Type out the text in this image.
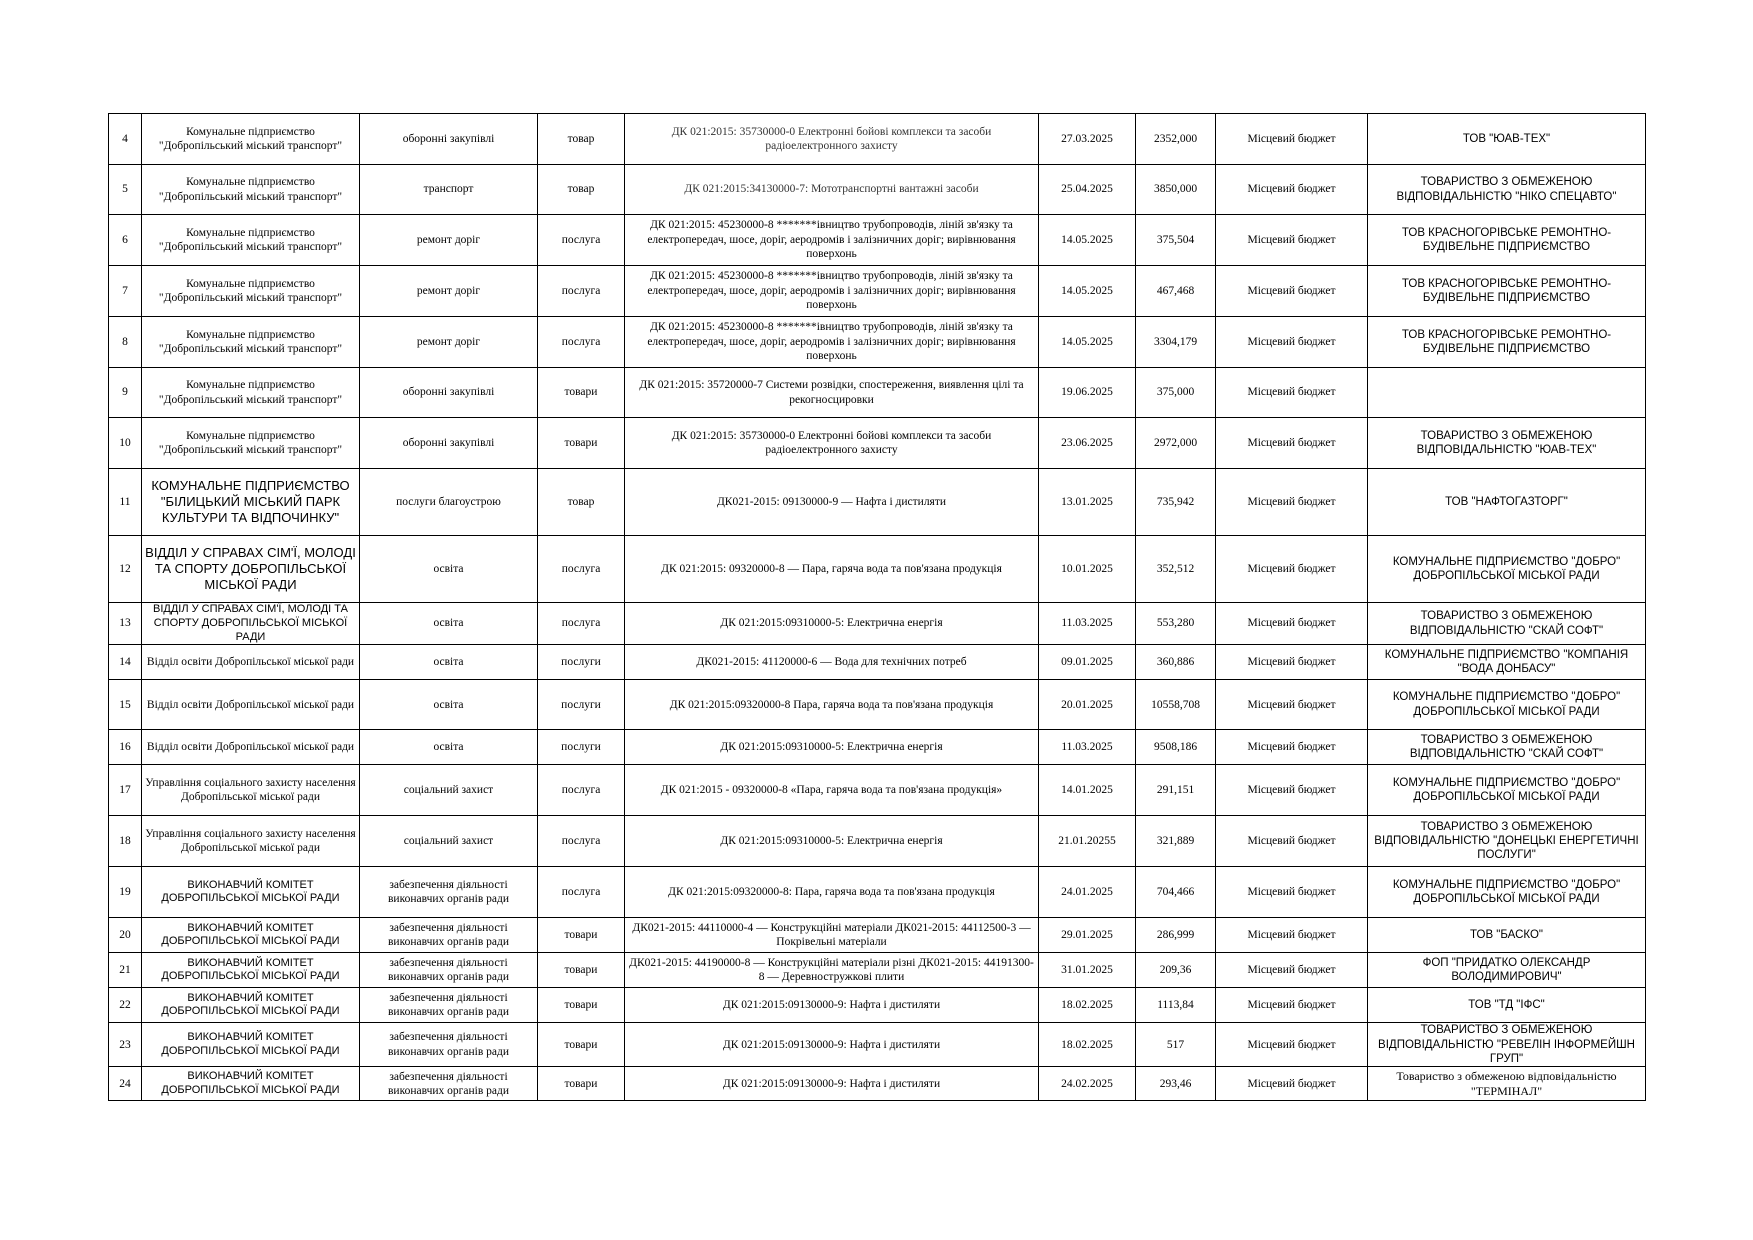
4	Комунальне підприємство "Добропільський міський транспорт"	оборонні закупівлі	товар	ДК 021:2015: 35730000-0 Електронні бойові комплекси та засоби радіоелектронного захисту	27.03.2025	2352,000	Місцевий бюджет	ТОВ "ЮАВ-ТЕХ"
5	Комунальне підприємство "Добропільський міський транспорт"	транспорт	товар	ДК 021:2015:34130000-7: Мототранспортні вантажні засоби	25.04.2025	3850,000	Місцевий бюджет	ТОВАРИСТВО З ОБМЕЖЕНОЮ ВІДПОВІДАЛЬНІСТЮ "НІКО СПЕЦАВТО"
6	Комунальне підприємство "Добропільський міський транспорт"	ремонт доріг	послуга	ДК 021:2015: 45230000-8 *******івництво трубопроводів, ліній зв'язку та електропередач, шосе, доріг, аеродромів і залізничних доріг; вирівнювання поверхонь	14.05.2025	375,504	Місцевий бюджет	ТОВ КРАСНОГОРІВСЬКЕ РЕМОНТНО-БУДІВЕЛЬНЕ ПІДПРИЄМСТВО
7	Комунальне підприємство "Добропільський міський транспорт"	ремонт доріг	послуга	ДК 021:2015: 45230000-8 *******івництво трубопроводів, ліній зв'язку та електропередач, шосе, доріг, аеродромів і залізничних доріг; вирівнювання поверхонь	14.05.2025	467,468	Місцевий бюджет	ТОВ КРАСНОГОРІВСЬКЕ РЕМОНТНО-БУДІВЕЛЬНЕ ПІДПРИЄМСТВО
8	Комунальне підприємство "Добропільський міський транспорт"	ремонт доріг	послуга	ДК 021:2015: 45230000-8 *******івництво трубопроводів, ліній зв'язку та електропередач, шосе, доріг, аеродромів і залізничних доріг; вирівнювання поверхонь	14.05.2025	3304,179	Місцевий бюджет	ТОВ КРАСНОГОРІВСЬКЕ РЕМОНТНО-БУДІВЕЛЬНЕ ПІДПРИЄМСТВО
9	Комунальне підприємство "Добропільський міський транспорт"	оборонні закупівлі	товари	ДК 021:2015: 35720000-7 Системи розвідки, спостереження, виявлення цілі та рекогносцировки	19.06.2025	375,000	Місцевий бюджет	
10	Комунальне підприємство "Добропільський міський транспорт"	оборонні закупівлі	товари	ДК 021:2015: 35730000-0 Електронні бойові комплекси та засоби радіоелектронного захисту	23.06.2025	2972,000	Місцевий бюджет	ТОВАРИСТВО З ОБМЕЖЕНОЮ ВІДПОВІДАЛЬНІСТЮ "ЮАВ-ТЕХ"
11	КОМУНАЛЬНЕ ПІДПРИЄМСТВО "БІЛИЦЬКИЙ МІСЬКИЙ ПАРК КУЛЬТУРИ ТА ВІДПОЧИНКУ"	послуги благоустрою	товар	ДК021-2015: 09130000-9 — Нафта і дистиляти	13.01.2025	735,942	Місцевий бюджет	ТОВ "НАФТОГАЗТОРГ"
12	ВІДДІЛ У СПРАВАХ СІМ'Ї, МОЛОДІ ТА СПОРТУ ДОБРОПІЛЬСЬКОЇ МІСЬКОЇ РАДИ	освіта	послуга	ДК 021:2015: 09320000-8 — Пара, гаряча вода та пов'язана продукція	10.01.2025	352,512	Місцевий бюджет	КОМУНАЛЬНЕ ПІДПРИЄМСТВО "ДОБРО" ДОБРОПІЛЬСЬКОЇ МІСЬКОЇ РАДИ
13	ВІДДІЛ У СПРАВАХ СІМ'Ї, МОЛОДІ ТА СПОРТУ ДОБРОПІЛЬСЬКОЇ МІСЬКОЇ РАДИ	освіта	послуга	ДК 021:2015:09310000-5: Електрична енергія	11.03.2025	553,280	Місцевий бюджет	ТОВАРИСТВО З ОБМЕЖЕНОЮ ВІДПОВІДАЛЬНІСТЮ "СКАЙ СОФТ"
14	Відділ освіти Добропільської міської ради	освіта	послуги	ДК021-2015: 41120000-6 — Вода для технічних потреб	09.01.2025	360,886	Місцевий бюджет	КОМУНАЛЬНЕ ПІДПРИЄМСТВО "КОМПАНІЯ "ВОДА ДОНБАСУ"
15	Відділ освіти Добропільської міської ради	освіта	послуги	ДК 021:2015:09320000-8 Пара, гаряча вода та пов'язана продукція	20.01.2025	10558,708	Місцевий бюджет	КОМУНАЛЬНЕ ПІДПРИЄМСТВО "ДОБРО" ДОБРОПІЛЬСЬКОЇ МІСЬКОЇ РАДИ
16	Відділ освіти Добропільської міської ради	освіта	послуги	ДК 021:2015:09310000-5: Електрична енергія	11.03.2025	9508,186	Місцевий бюджет	ТОВАРИСТВО З ОБМЕЖЕНОЮ ВІДПОВІДАЛЬНІСТЮ "СКАЙ СОФТ"
17	Управління соціального захисту населення Добропільської міської ради	соціальний захист	послуга	ДК 021:2015 - 09320000-8 «Пара, гаряча вода та пов'язана продукція»	14.01.2025	291,151	Місцевий бюджет	КОМУНАЛЬНЕ ПІДПРИЄМСТВО "ДОБРО" ДОБРОПІЛЬСЬКОЇ МІСЬКОЇ РАДИ
18	Управління соціального захисту населення Добропільської міської ради	соціальний захист	послуга	ДК 021:2015:09310000-5: Електрична енергія	21.01.20255	321,889	Місцевий бюджет	ТОВАРИСТВО З ОБМЕЖЕНОЮ ВІДПОВІДАЛЬНІСТЮ "ДОНЕЦЬКІ ЕНЕРГЕТИЧНІ ПОСЛУГИ"
19	ВИКОНАВЧИЙ КОМІТЕТ ДОБРОПІЛЬСЬКОЇ МІСЬКОЇ РАДИ	забезпечення діяльності виконавчих органів ради	послуга	ДК 021:2015:09320000-8: Пара, гаряча вода та пов'язана продукція	24.01.2025	704,466	Місцевий бюджет	КОМУНАЛЬНЕ ПІДПРИЄМСТВО "ДОБРО" ДОБРОПІЛЬСЬКОЇ МІСЬКОЇ РАДИ
20	ВИКОНАВЧИЙ КОМІТЕТ ДОБРОПІЛЬСЬКОЇ МІСЬКОЇ РАДИ	забезпечення діяльності виконавчих органів ради	товари	ДК021-2015: 44110000-4 — Конструкційні матеріали ДК021-2015: 44112500-3 — Покрівельні матеріали	29.01.2025	286,999	Місцевий бюджет	ТОВ "БАСКО"
21	ВИКОНАВЧИЙ КОМІТЕТ ДОБРОПІЛЬСЬКОЇ МІСЬКОЇ РАДИ	забезпечення діяльності виконавчих органів ради	товари	ДК021-2015: 44190000-8 — Конструкційні матеріали різні ДК021-2015: 44191300-8 — Деревностружкові плити	31.01.2025	209,36	Місцевий бюджет	ФОП "ПРИДАТКО ОЛЕКСАНДР ВОЛОДИМИРОВИЧ"
22	ВИКОНАВЧИЙ КОМІТЕТ ДОБРОПІЛЬСЬКОЇ МІСЬКОЇ РАДИ	забезпечення діяльності виконавчих органів ради	товари	ДК 021:2015:09130000-9: Нафта і дистиляти	18.02.2025	1113,84	Місцевий бюджет	ТОВ "ТД "ІФС"
23	ВИКОНАВЧИЙ КОМІТЕТ ДОБРОПІЛЬСЬКОЇ МІСЬКОЇ РАДИ	забезпечення діяльності виконавчих органів ради	товари	ДК 021:2015:09130000-9: Нафта і дистиляти	18.02.2025	517	Місцевий бюджет	ТОВАРИСТВО З ОБМЕЖЕНОЮ ВІДПОВІДАЛЬНІСТЮ "РЕВЕЛІН ІНФОРМЕЙШН ГРУП"
24	ВИКОНАВЧИЙ КОМІТЕТ ДОБРОПІЛЬСЬКОЇ МІСЬКОЇ РАДИ	забезпечення діяльності виконавчих органів ради	товари	ДК 021:2015:09130000-9: Нафта і дистиляти	24.02.2025	293,46	Місцевий бюджет	Товариство з обмеженою відповідальністю "ТЕРМІНАЛ"
